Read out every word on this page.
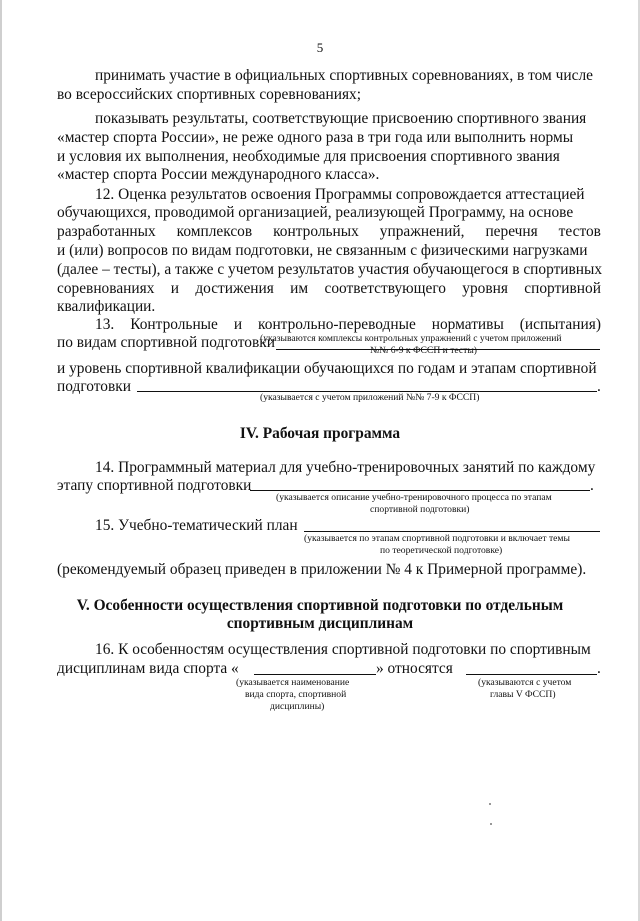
5
принимать участие в официальных спортивных соревнованиях, в том числе
во всероссийских спортивных соревнованиях;
показывать результаты, соответствующие присвоению спортивного звания
«мастер спорта России», не реже одного раза в три года или выполнить нормы
и условия их выполнения, необходимые для присвоения спортивного звания
«мастер спорта России международного класса».
12. Оценка результатов освоения Программы сопровождается аттестацией
обучающихся, проводимой организацией, реализующей Программу, на основе
разработанных комплексов контрольных упражнений, перечня тестов
и (или) вопросов по видам подготовки, не связанным с физическими нагрузками
(далее – тесты), а также с учетом результатов участия обучающегося в спортивных
соревнованиях и достижения им соответствующего уровня спортивной
квалификации.
13. Контрольные и контрольно-переводные нормативы (испытания)
по видам спортивной подготовки
(указываются комплексы контрольных упражнений с учетом приложений
№№ 6-9 к ФССП и тесты)
и уровень спортивной квалификации обучающихся по годам и этапам спортивной
подготовки	.
(указывается с учетом приложений №№ 7-9 к ФССП)
IV. Рабочая программа
14. Программный материал для учебно-тренировочных занятий по каждому
этапу спортивной подготовки	.
(указывается описание учебно-тренировочного процесса по этапам
спортивной подготовки)
15. Учебно-тематический план
(указывается по этапам спортивной подготовки и включает темы
по теоретической подготовке)
(рекомендуемый образец приведен в приложении № 4 к Примерной программе).
V. Особенности осуществления спортивной подготовки по отдельным
спортивным дисциплинам
16. К особенностям осуществления спортивной подготовки по спортивным
дисциплинам вида спорта «	» относятся	.
(указывается наименование
вида спорта, спортивной
дисциплины)
(указываются с учетом
главы V ФССП)
